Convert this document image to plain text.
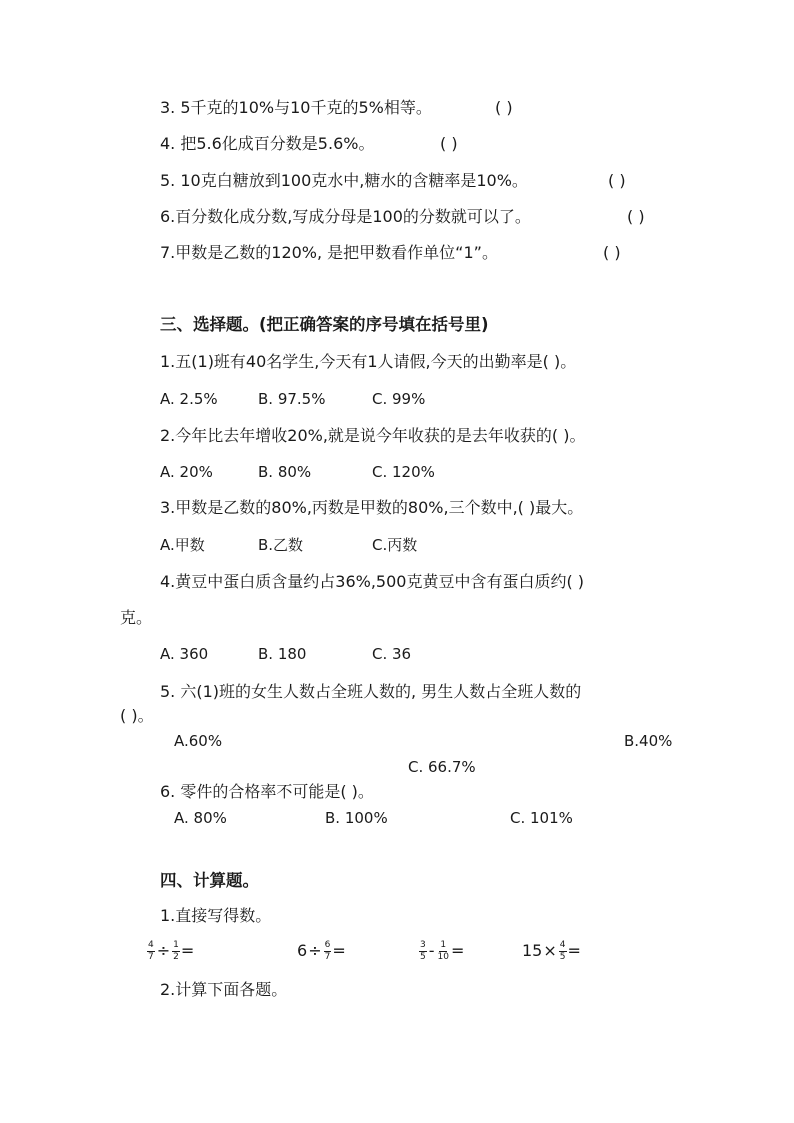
3. 5千克的10%与10千克的5%相等。	( )
4. 把5.6化成百分数是5.6%。	( )
5. 10克白糖放到100克水中,糖水的含糖率是10%。	( )
6.百分数化成分数,写成分母是100的分数就可以了。	( )
7.甲数是乙数的120%, 是把甲数看作单位“1”。	( )
三、选择题。(把正确答案的序号填在括号里)
1.五(1)班有40名学生,今天有1人请假,今天的出勤率是( )。
A. 2.5%	B. 97.5%	C. 99%
2.今年比去年增收20%,就是说今年收获的是去年收获的( )。
A. 20%	B. 80%	C. 120%
3.甲数是乙数的80%,丙数是甲数的80%,三个数中,( )最大。
A.甲数	B.乙数	C.丙数
4.黄豆中蛋白质含量约占36%,500克黄豆中含有蛋白质约( )
克。
A. 360	B. 180	C. 36
5. 六(1)班的女生人数占全班人数的, 男生人数占全班人数的
( )。
A.60%	B.40%
C. 66.7%
6. 零件的合格率不可能是( )。
A. 80%	B. 100%	C. 101%
四、计算题。
1.直接写得数。
$\frac{4}{7} \div \frac{1}{2}$ =	$6\div \frac{6}{7}$ =	$\frac{3}{5} - \frac{1}{10}$ =	$15\times \frac{4}{5}$ =
2.计算下面各题。
